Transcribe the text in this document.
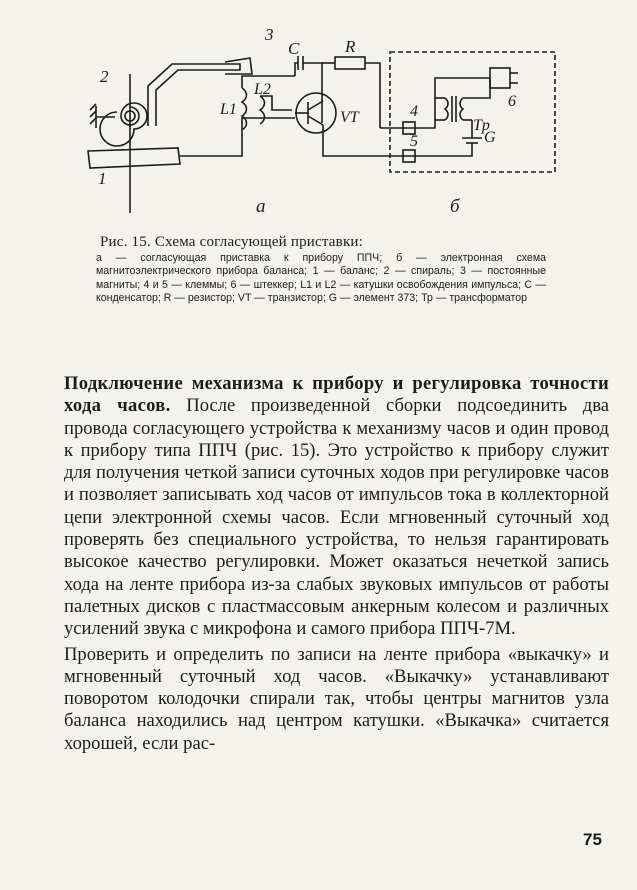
3
C	R
2
L1
L2
VT	4
5
Tp
6
G
1
а	б
Рис. 15. Схема согласующей приставки:
а — согласующая приставка к прибору ППЧ; б — электронная схема магнитоэлектрического прибора баланса; 1 — баланс; 2 — спираль; 3 — постоянные магниты; 4 и 5 — клеммы; 6 — штеккер; L1 и L2 — катушки освобождения импульса; С — конденсатор; R — резистор; VT — транзистор; G — элемент 373; Тр — трансформатор

Подключение механизма к прибору и регулировка точности хода часов. После произведенной сборки подсоединить два провода согласующего устройства к механизму часов и один провод к прибору типа ППЧ (рис. 15). Это устройство к прибору служит для получения четкой записи суточных ходов при регулировке часов и позволяет записывать ход часов от импульсов тока в коллекторной цепи электронной схемы часов. Если мгновенный суточный ход проверять без специального устройства, то нельзя гарантировать высокое качество регулировки. Может оказаться нечеткой запись хода на ленте прибора из-за слабых звуковых импульсов от работы палетных дисков с пластмассовым анкерным колесом и различных усилений звука с микрофона и самого прибора ППЧ-7М.

Проверить и определить по записи на ленте прибора «выкачку» и мгновенный суточный ход часов. «Выкачку» устанавливают поворотом колодочки спирали так, чтобы центры магнитов узла баланса находились над центром катушки. «Выкачка» считается хорошей, если рас-

75
